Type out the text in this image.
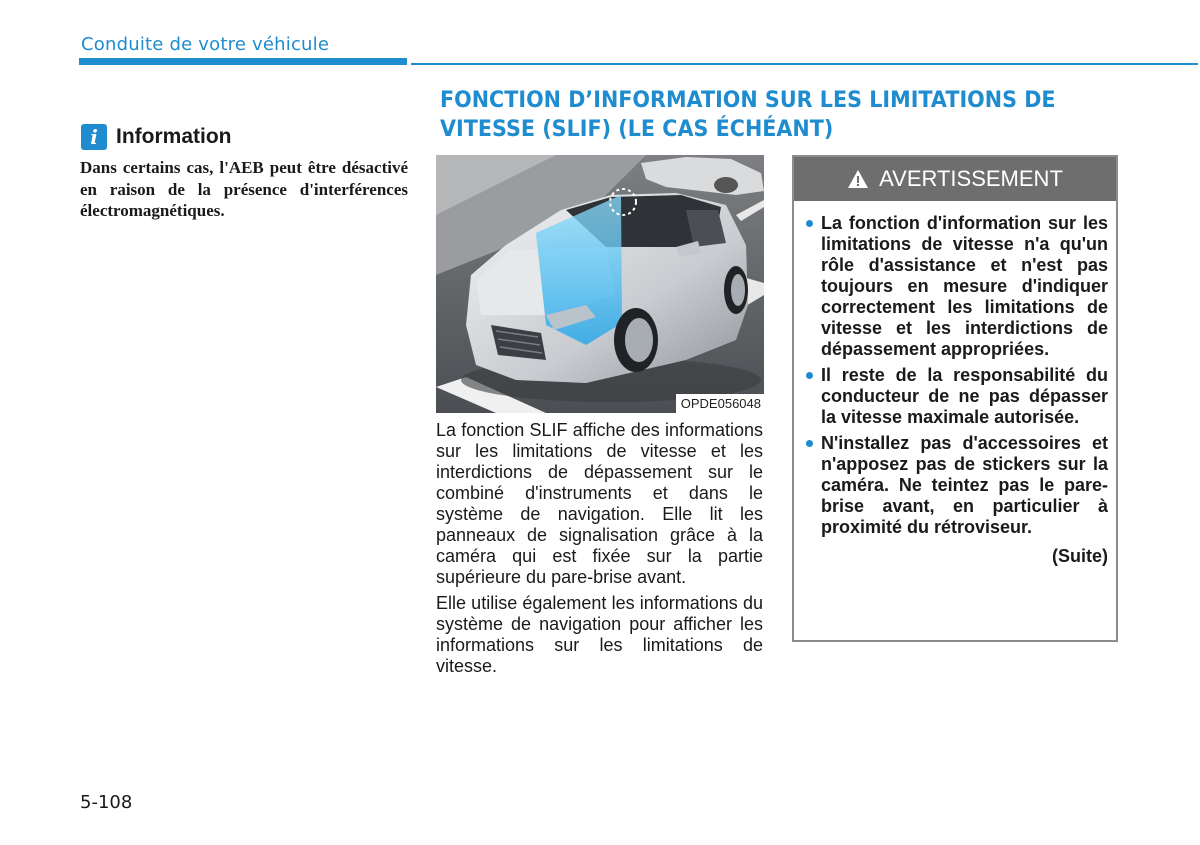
Conduite de votre véhicule
i Information
Dans certains cas, l'AEB peut être désactivé en raison de la présence d'interférences électromagnétiques.
FONCTION D’INFORMATION SUR LES LIMITATIONS DE
VITESSE (SLIF) (LE CAS ÉCHÉANT)
OPDE056048

La fonction SLIF affiche des informations sur les limitations de vitesse et les interdictions de dépassement sur le combiné d'instruments et dans le système de navigation. Elle lit les panneaux de signalisation grâce à la caméra qui est fixée sur la partie supérieure du pare-brise avant.

Elle utilise également les informations du système de navigation pour afficher les informations sur les limitations de vitesse.

AVERTISSEMENT
La fonction d'information sur les limitations de vitesse n'a qu'un rôle d'assistance et n'est pas toujours en mesure d'indiquer correctement les limitations de vitesse et les interdictions de dépassement appropriées.
Il reste de la responsabilité du conducteur de ne pas dépasser la vitesse maximale autorisée.
N'installez pas d'accessoires et n'apposez pas de stickers sur la caméra. Ne teintez pas le pare-brise avant, en particulier à proximité du rétroviseur.
(Suite)
5-108
